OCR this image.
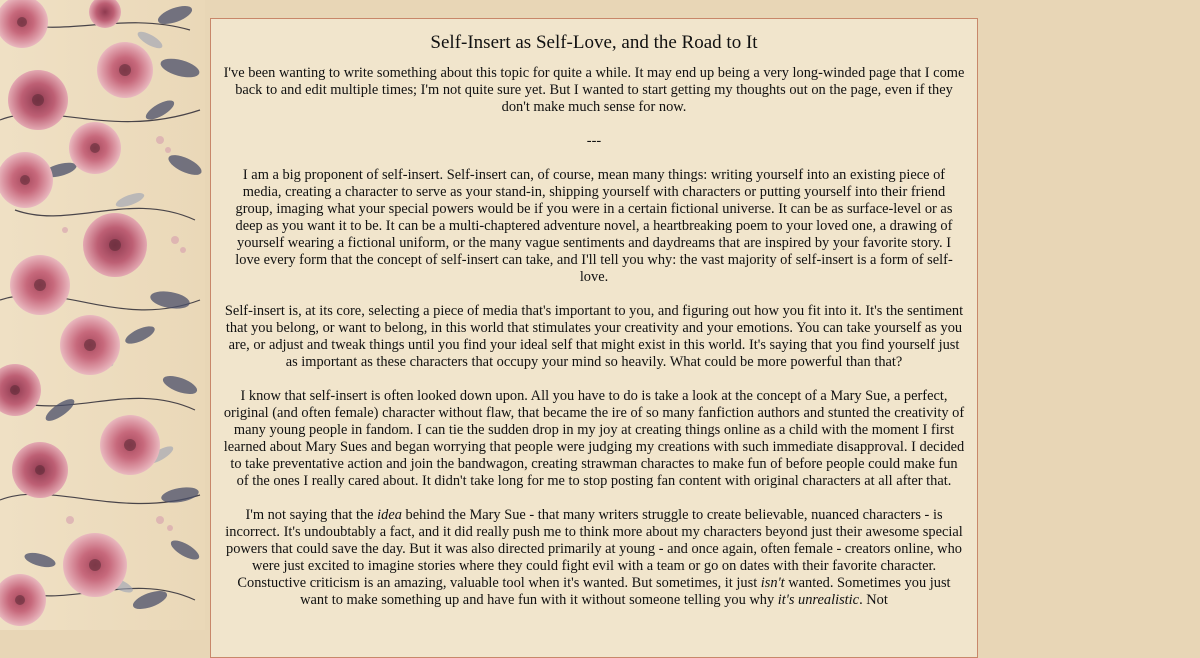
Self-Insert as Self-Love, and the Road to It

I've been wanting to write something about this topic for quite a while. It may end up being a very long-winded page that I come back to and edit multiple times; I'm not quite sure yet. But I wanted to start getting my thoughts out on the page, even if they don't make much sense for now.

---

I am a big proponent of self-insert. Self-insert can, of course, mean many things: writing yourself into an existing piece of media, creating a character to serve as your stand-in, shipping yourself with characters or putting yourself into their friend group, imaging what your special powers would be if you were in a certain fictional universe. It can be as surface-level or as deep as you want it to be. It can be a multi-chaptered adventure novel, a heartbreaking poem to your loved one, a drawing of yourself wearing a fictional uniform, or the many vague sentiments and daydreams that are inspired by your favorite story. I love every form that the concept of self-insert can take, and I'll tell you why: the vast majority of self-insert is a form of self-love.

Self-insert is, at its core, selecting a piece of media that's important to you, and figuring out how you fit into it. It's the sentiment that you belong, or want to belong, in this world that stimulates your creativity and your emotions. You can take yourself as you are, or adjust and tweak things until you find your ideal self that might exist in this world. It's saying that you find yourself just as important as these characters that occupy your mind so heavily. What could be more powerful than that?

I know that self-insert is often looked down upon. All you have to do is take a look at the concept of a Mary Sue, a perfect, original (and often female) character without flaw, that became the ire of so many fanfiction authors and stunted the creativity of many young people in fandom. I can tie the sudden drop in my joy at creating things online as a child with the moment I first learned about Mary Sues and began worrying that people were judging my creations with such immediate disapproval. I decided to take preventative action and join the bandwagon, creating strawman charactes to make fun of before people could make fun of the ones I really cared about. It didn't take long for me to stop posting fan content with original characters at all after that.

I'm not saying that the idea behind the Mary Sue - that many writers struggle to create believable, nuanced characters - is incorrect. It's undoubtably a fact, and it did really push me to think more about my characters beyond just their awesome special powers that could save the day. But it was also directed primarily at young - and once again, often female - creators online, who were just excited to imagine stories where they could fight evil with a team or go on dates with their favorite character. Constuctive criticism is an amazing, valuable tool when it's wanted. But sometimes, it just isn't wanted. Sometimes you just want to make something up and have fun with it without someone telling you why it's unrealistic. Not
